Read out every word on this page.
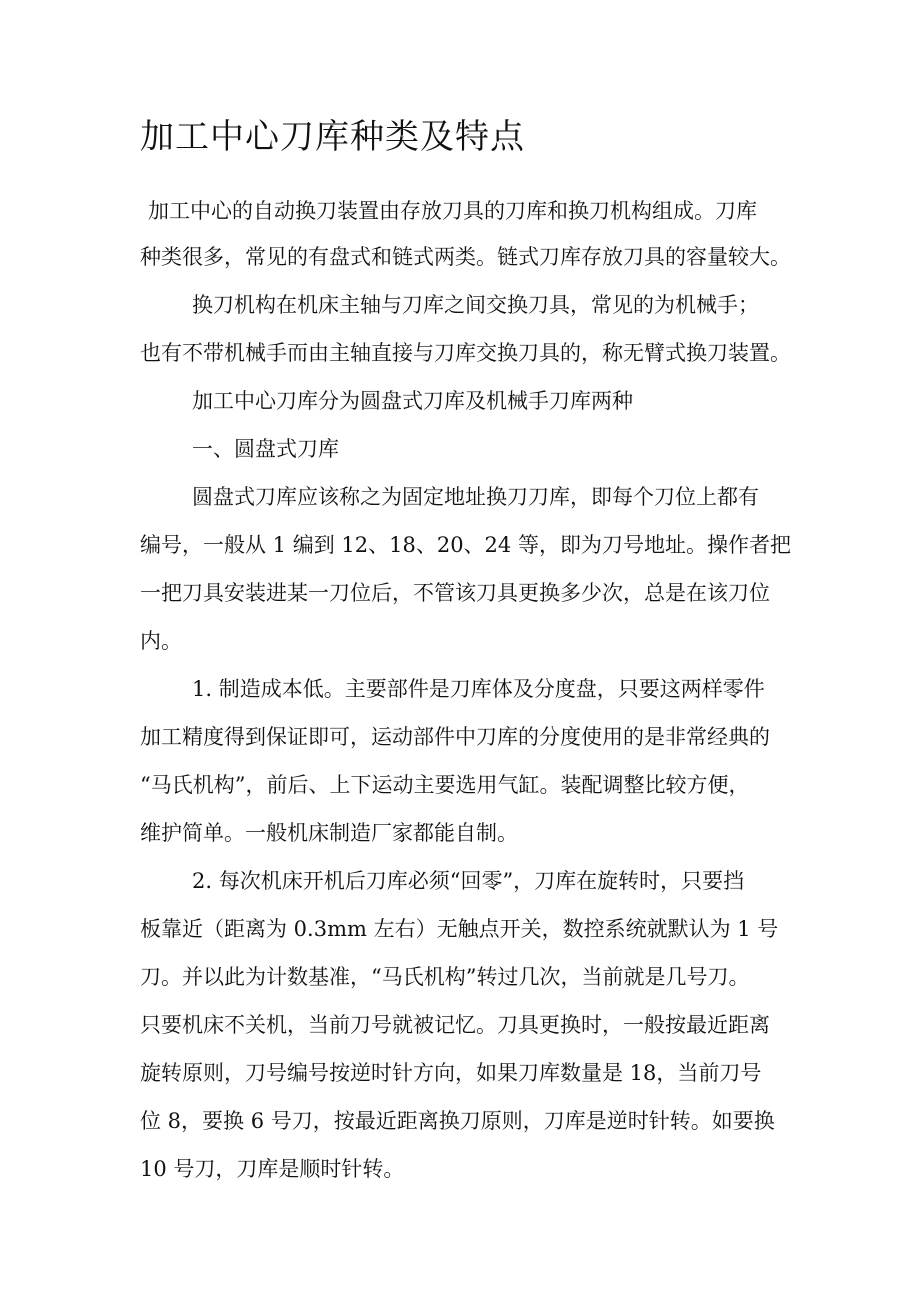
加工中心刀库种类及特点

加工中心的自动换刀装置由存放刀具的刀库和换刀机构组成。刀库

种类很多，常见的有盘式和链式两类。链式刀库存放刀具的容量较大。

换刀机构在机床主轴与刀库之间交换刀具，常见的为机械手；

也有不带机械手而由主轴直接与刀库交换刀具的，称无臂式换刀装置。

加工中心刀库分为圆盘式刀库及机械手刀库两种

一、圆盘式刀库

圆盘式刀库应该称之为固定地址换刀刀库，即每个刀位上都有

编号，一般从 1 编到 12、18、20、24 等，即为刀号地址。操作者把

一把刀具安装进某一刀位后，不管该刀具更换多少次，总是在该刀位

内。

1. 制造成本低。主要部件是刀库体及分度盘，只要这两样零件

加工精度得到保证即可，运动部件中刀库的分度使用的是非常经典的

“马氏机构”，前后、上下运动主要选用气缸。装配调整比较方便，

维护简单。一般机床制造厂家都能自制。

2. 每次机床开机后刀库必须“回零”，刀库在旋转时，只要挡

板靠近（距离为 0.3mm 左右）无触点开关，数控系统就默认为 1 号

刀。并以此为计数基准，“马氏机构”转过几次，当前就是几号刀。

只要机床不关机，当前刀号就被记忆。刀具更换时，一般按最近距离

旋转原则，刀号编号按逆时针方向，如果刀库数量是 18，当前刀号

位 8，要换 6 号刀，按最近距离换刀原则，刀库是逆时针转。如要换

10 号刀，刀库是顺时针转。
